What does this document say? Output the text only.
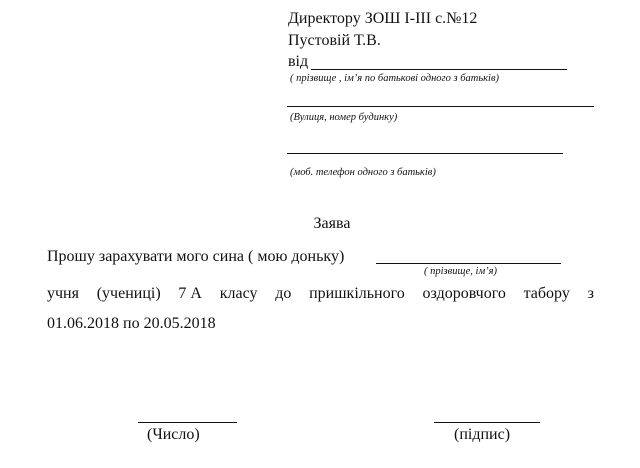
Директору ЗОШ І-ІІІ с.№12
Пустовій Т.В.
від
( прізвище , ім’я по батькові одного з батьків)
(Вулиця, номер будинку)
(моб. телефон одного з батьків)
Заява
Прошу зарахувати мого сина ( мою доньку)
( прізвище, ім’я)
учня (учениці) 7 А класу до пришкільного оздоровчого табору з
01.06.2018 по 20.05.2018
(Число)	(підпис)
